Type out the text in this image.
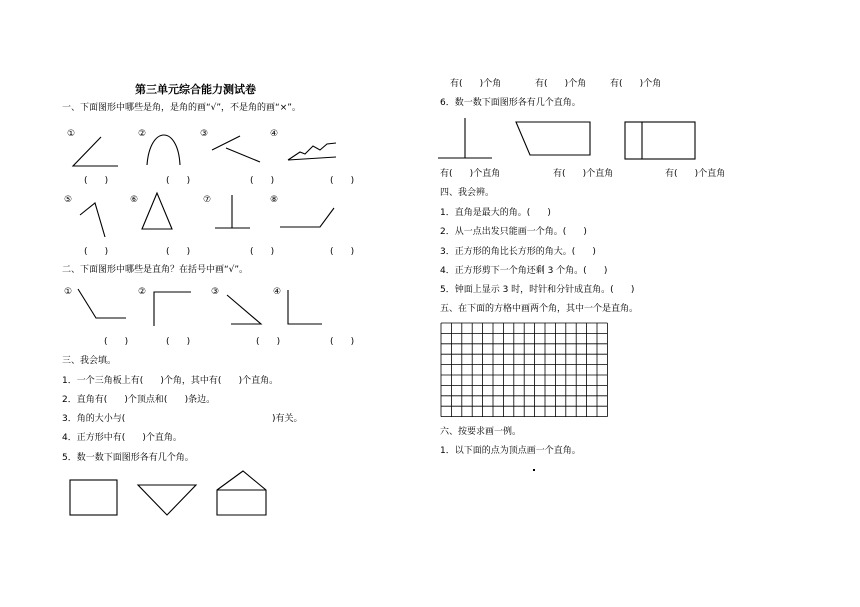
第三单元综合能力测试卷
一、下面图形中哪些是角，是角的画“√”，不是角的画“×”。
①	②	③	④
⑤	⑥	⑦	⑧
(      )	(      )	(      )	(      )
(      )	(      )	(      )	(      )
二、下面图形中哪些是直角？在括号中画“√”。
①	②	③	④
(      )	(      )	(      )	(      )
三、我会填。
1．一个三角板上有(      )个角，其中有(      )个直角。
2．直角有(      )个顶点和(      )条边。
3．角的大小与(	)有关。
4．正方形中有(      )个直角。
5．数一数下面图形各有几个角。
有(      )个角	有(      )个角	有(      )个角
6．数一数下面图形各有几个直角。
有(      )个直角	有(      )个直角	有(      )个直角
四、我会辨。
1．直角是最大的角。(      )
2．从一点出发只能画一个角。(      )
3．正方形的角比长方形的角大。(      )
4．正方形剪下一个角还剩 3 个角。(      )
5．钟面上显示 3 时，时针和分针成直角。(      )
五、在下面的方格中画两个角，其中一个是直角。
六、按要求画一例。
1．以下面的点为顶点画一个直角。
